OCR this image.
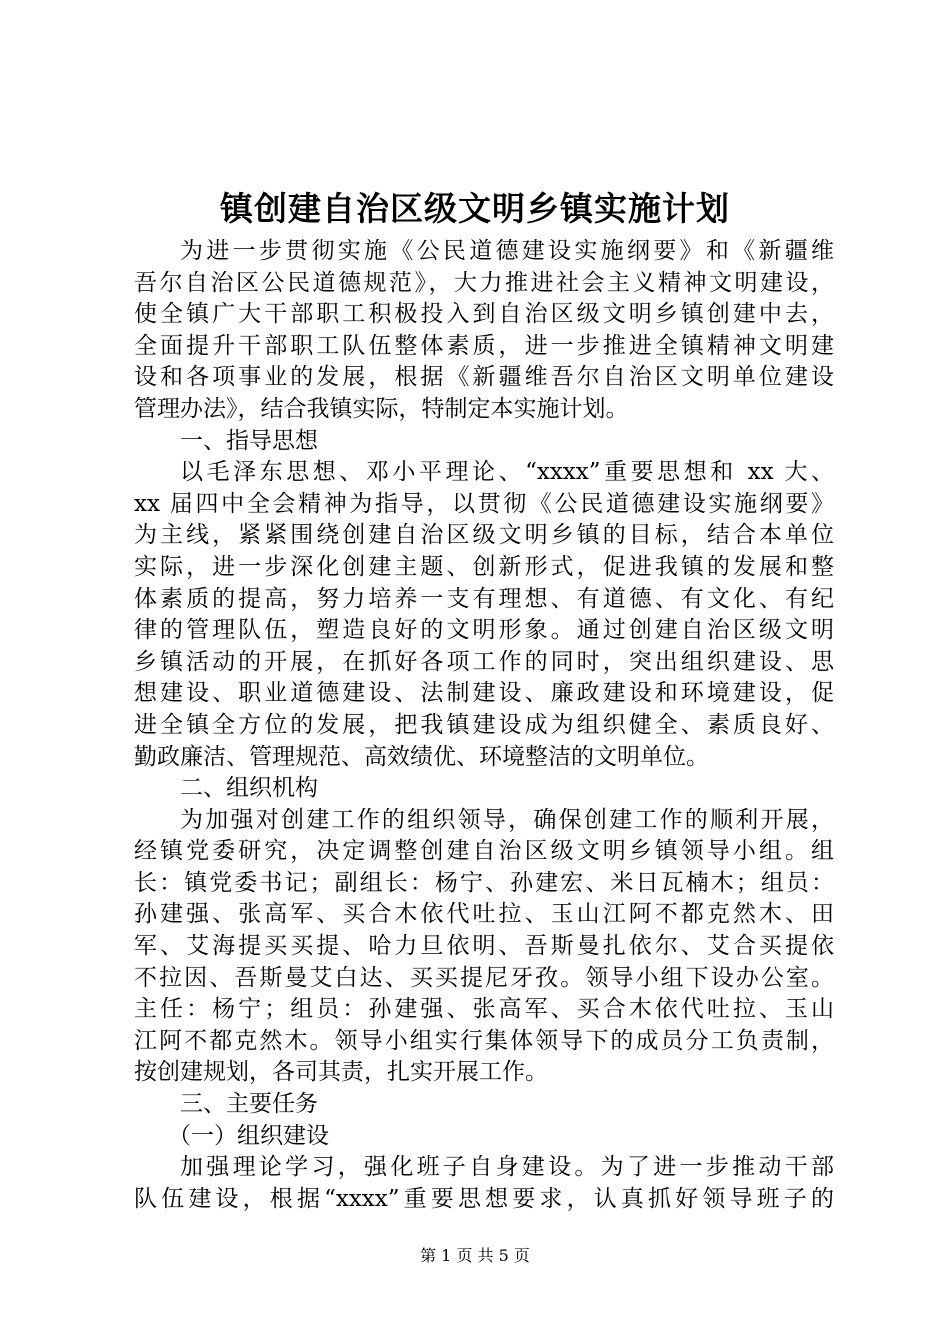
镇创建自治区级文明乡镇实施计划
为进一步贯彻实施《公民道德建设实施纲要》和《新疆维
吾尔自治区公民道德规范》，大力推进社会主义精神文明建设，
使全镇广大干部职工积极投入到自治区级文明乡镇创建中去，
全面提升干部职工队伍整体素质，进一步推进全镇精神文明建
设和各项事业的发展，根据《新疆维吾尔自治区文明单位建设
管理办法》，结合我镇实际，特制定本实施计划。
一、指导思想
以毛泽东思想、邓小平理论、“xxxx”重要思想和 xx 大、
xx 届四中全会精神为指导，以贯彻《公民道德建设实施纲要》
为主线，紧紧围绕创建自治区级文明乡镇的目标，结合本单位
实际，进一步深化创建主题、创新形式，促进我镇的发展和整
体素质的提高，努力培养一支有理想、有道德、有文化、有纪
律的管理队伍，塑造良好的文明形象。通过创建自治区级文明
乡镇活动的开展，在抓好各项工作的同时，突出组织建设、思
想建设、职业道德建设、法制建设、廉政建设和环境建设，促
进全镇全方位的发展，把我镇建设成为组织健全、素质良好、
勤政廉洁、管理规范、高效绩优、环境整洁的文明单位。
二、组织机构
为加强对创建工作的组织领导，确保创建工作的顺利开展，
经镇党委研究，决定调整创建自治区级文明乡镇领导小组。组
长：镇党委书记；副组长：杨宁、孙建宏、米日瓦楠木；组员：
孙建强、张高军、买合木依代吐拉、玉山江阿不都克然木、田
军、艾海提买买提、哈力旦依明、吾斯曼扎依尔、艾合买提依
不拉因、吾斯曼艾白达、买买提尼牙孜。领导小组下设办公室。
主任：杨宁；组员：孙建强、张高军、买合木依代吐拉、玉山
江阿不都克然木。领导小组实行集体领导下的成员分工负责制，
按创建规划，各司其责，扎实开展工作。
三、主要任务
（一）组织建设
加强理论学习，强化班子自身建设。为了进一步推动干部
队伍建设，根据“xxxx”重要思想要求，认真抓好领导班子的
第 1 页 共 5 页
